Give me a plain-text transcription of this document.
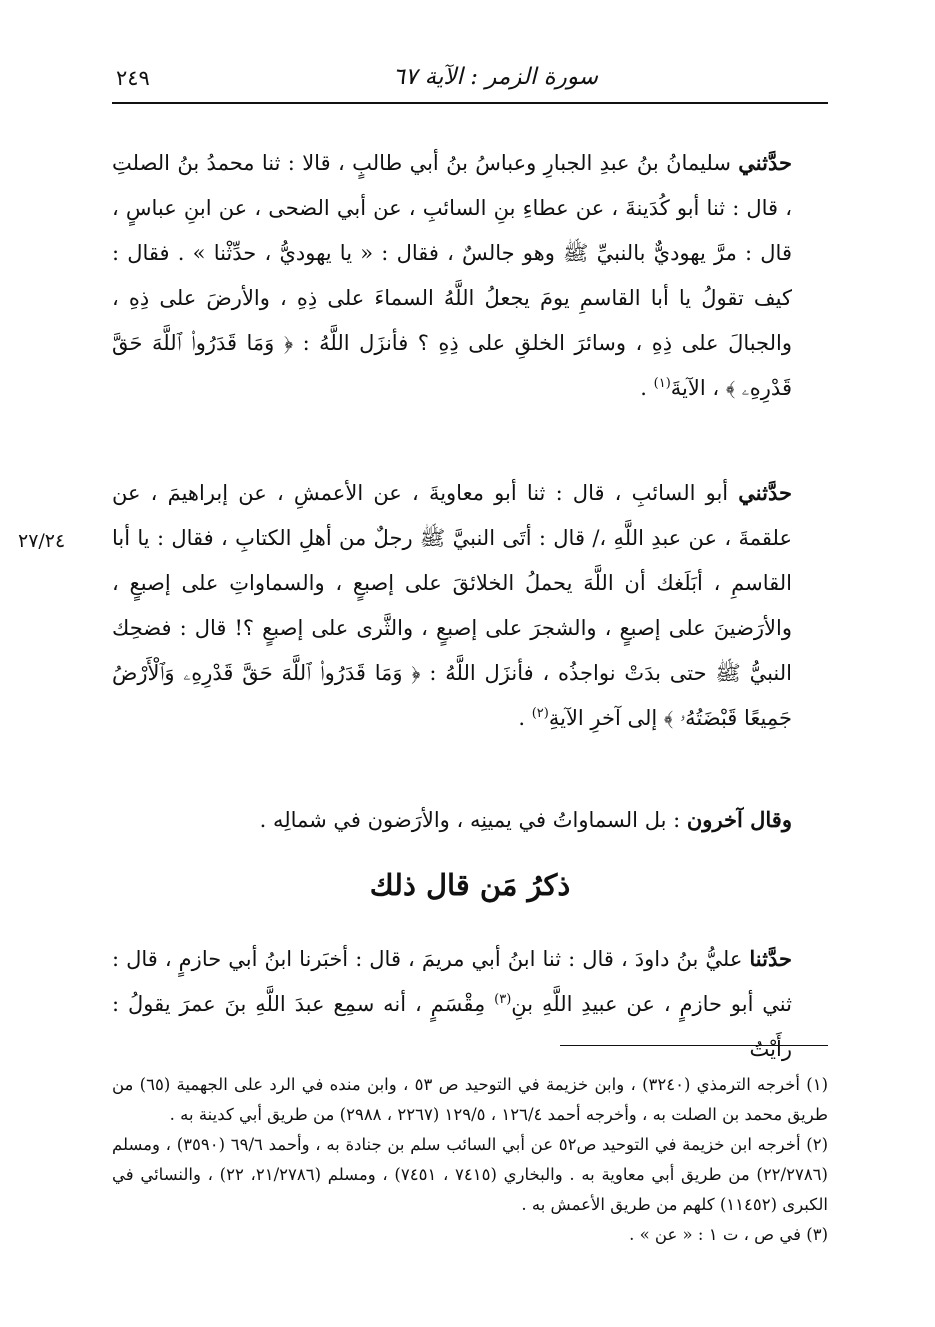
٢٤٩	سورة الزمر : الآية ٦٧

حدَّثني سليمانُ بنُ عبدِ الجبارِ وعباسُ بنُ أبي طالبٍ ، قالا : ثنا محمدُ بنُ الصلتِ ، قال : ثنا أبو كُدَينةَ ، عن عطاءِ بنِ السائبِ ، عن أبي الضحى ، عن ابنِ عباسٍ ، قال : مرَّ يهوديٌّ بالنبيِّ ﷺ وهو جالسٌ ، فقال : « يا يهوديُّ ، حدِّثْنا » . فقال : كيف تقولُ يا أبا القاسمِ يومَ يجعلُ اللَّهُ السماءَ على ذِهِ ، والأرضَ على ذِهِ ، والجبالَ على ذِهِ ، وسائرَ الخلقِ على ذِهِ ؟ فأنزَل اللَّهُ : ﴿ وَمَا قَدَرُوا۟ ٱللَّهَ حَقَّ قَدْرِهِۦ ﴾ ، الآيةَ$^{(١)}$ .

حدَّثني أبو السائبِ ، قال : ثنا أبو معاويةَ ، عن الأعمشِ ، عن إبراهيمَ ، عن علقمةَ ، عن عبدِ اللَّهِ ،/ قال : أتَى النبيَّ ﷺ رجلٌ من أهلِ الكتابِ ، فقال : يا أبا القاسمِ ، أبَلَغك أن اللَّهَ يحملُ الخلائقَ على إصبعٍ ، والسماواتِ على إصبعٍ ، والأرَضينَ على إصبعٍ ، والشجرَ على إصبعٍ ، والثَّرى على إصبعٍ ؟! قال : فضحِك النبيُّ ﷺ حتى بدَتْ نواجذُه ، فأنزَل اللَّهُ : ﴿ وَمَا قَدَرُوا۟ ٱللَّهَ حَقَّ قَدْرِهِۦ وَٱلْأَرْضُ جَمِيعًا قَبْضَتُهُۥ ﴾ إلى آخرِ الآيةِ$^{(٢)}$ .

٢٧/٢٤

وقال آخرون : بل السماواتُ في يمينِه ، والأرَضون في شمالِه .

ذكرُ مَن قال ذلك

حدَّثنا عليُّ بنُ داودَ ، قال : ثنا ابنُ أبي مريمَ ، قال : أخبَرنا ابنُ أبي حازمٍ ، قال : ثني أبو حازمٍ ، عن عبيدِ اللَّهِ بنِ$^{(٣)}$ مِقْسَمٍ ، أنه سمِع عبدَ اللَّهِ بنَ عمرَ يقولُ : رأَيْتُ

(١) أخرجه الترمذي (٣٢٤٠) ، وابن خزيمة في التوحيد ص ٥٣ ، وابن منده في الرد على الجهمية (٦٥) من طريق محمد بن الصلت به ، وأخرجه أحمد ١٢٦/٤ ، ١٢٩/٥ (٢٢٦٧ ، ٢٩٨٨) من طريق أبي كدينة به .

(٢) أخرجه ابن خزيمة في التوحيد ص٥٢ عن أبي السائب سلم بن جنادة به ، وأحمد ٦٩/٦ (٣٥٩٠) ، ومسلم (٢٢/٢٧٨٦) من طريق أبي معاوية به . والبخاري (٧٤١٥ ، ٧٤٥١) ، ومسلم (٢١/٢٧٨٦، ٢٢) ، والنسائي في الكبرى (١١٤٥٢) كلهم من طريق الأعمش به .

(٣) في ص ، ت ١ : « عن » .
